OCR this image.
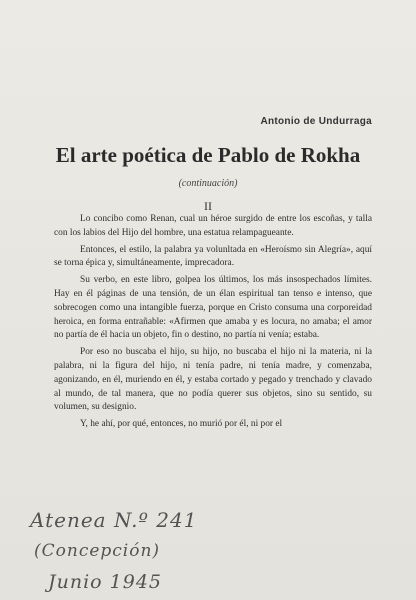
Antonio de Undurraga
El arte poética de Pablo de Rokha
(continuación)
II

Lo concibo como Renan, cual un héroe surgido de entre los escoñas, y talla con los labios del Hijo del hombre, una estatua relampagueante.

Entonces, el estilo, la palabra ya volunltada en «Heroísmo sin Alegría», aquí se torna épica y, simultáneamente, imprecadora.

Su verbo, en este libro, golpea los últimos, los más insospechados límites. Hay en él páginas de una tensión, de un élan espiritual tan tenso e intenso, que sobrecogen como una intangible fuerza, porque en Cristo consuma una corporeidad heroica, en forma entrañable: «Afirmen que amaba y es locura, no amaba; el amor no partía de él hacia un objeto, fin o destino, no partía ni venía; estaba.

Por eso no buscaba el hijo, su hijo, no buscaba el hijo ni la materia, ni la palabra, ni la figura del hijo, ni tenía padre, ni tenía madre, y comenzaba, agonizando, en él, muriendo en él, y estaba cortado y pegado y trenchado y clavado al mundo, de tal manera, que no podía querer sus objetos, sino su sentido, su volumen, su designio.

Y, he ahí, por qué, entonces, no murió por él, ni por el

Atenea N.º 241
(Concepción)
Junio 1945
